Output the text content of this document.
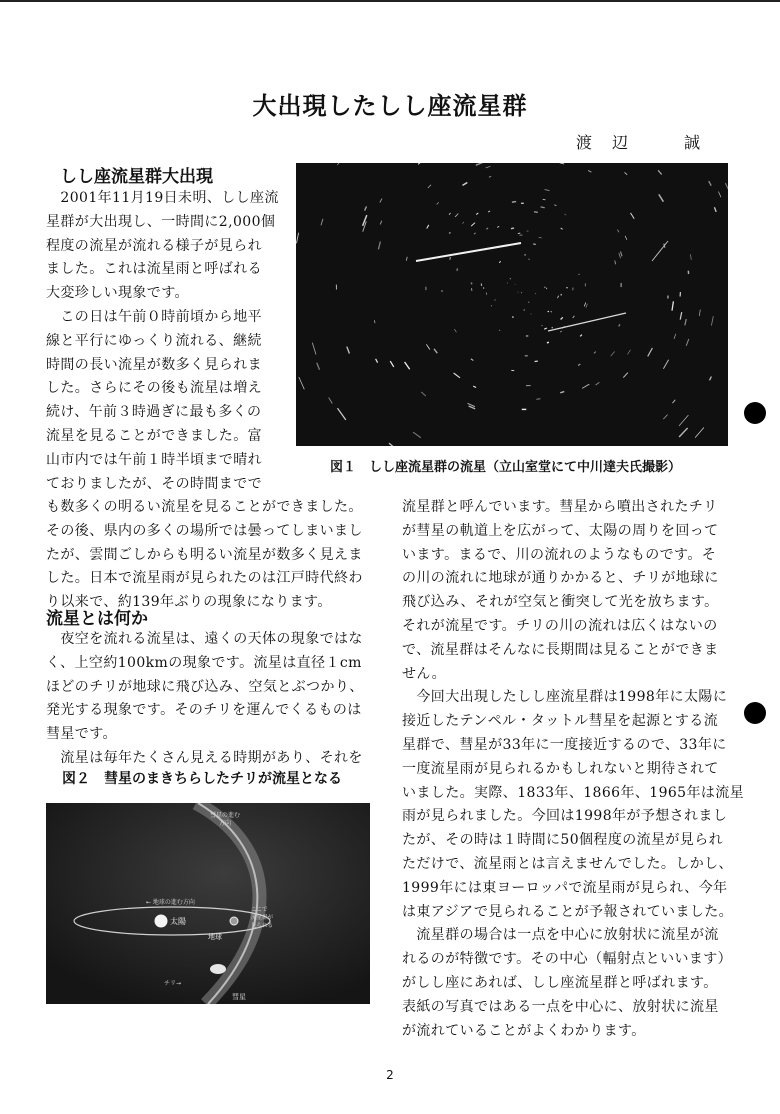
大出現したしし座流星群
渡辺　誠
しし座流星群大出現
　2001年11月19日未明、しし座流
星群が大出現し、一時間に2,000個
程度の流星が流れる様子が見られ
ました。これは流星雨と呼ばれる
大変珍しい現象です。
　この日は午前０時前頃から地平
線と平行にゆっくり流れる、継続
時間の長い流星が数多く見られま
した。さらにその後も流星は増え
続け、午前３時過ぎに最も多くの
流星を見ることができました。富
山市内では午前１時半頃まで晴れ
ておりましたが、その時間までで
も数多くの明るい流星を見ることができました。
その後、県内の多くの場所では曇ってしまいまし
たが、雲間ごしからも明るい流星が数多く見えま
した。日本で流星雨が見られたのは江戸時代終わ
り以来で、約139年ぶりの現象になります。
図１　しし座流星群の流星（立山室堂にて中川達夫氏撮影）
流星とは何か
　夜空を流れる流星は、遠くの天体の現象ではな
く、上空約100kmの現象です。流星は直径１cm
ほどのチリが地球に飛び込み、空気とぶつかり、
発光する現象です。そのチリを運んでくるものは
彗星です。
　流星は毎年たくさん見える時期があり、それを
図２　彗星のまきちらしたチリが流星となる
彗星の進む
方向
← 地球の進む方向
太陽
地球
ここで
流星群が
見られる
チリ→
彗星
流星群と呼んでいます。彗星から噴出されたチリ
が彗星の軌道上を広がって、太陽の周りを回って
います。まるで、川の流れのようなものです。そ
の川の流れに地球が通りかかると、チリが地球に
飛び込み、それが空気と衝突して光を放ちます。
それが流星です。チリの川の流れは広くはないの
で、流星群はそんなに長期間は見ることができま
せん。
　今回大出現したしし座流星群は1998年に太陽に
接近したテンペル・タットル彗星を起源とする流
星群で、彗星が33年に一度接近するので、33年に
一度流星雨が見られるかもしれないと期待されて
いました。実際、1833年、1866年、1965年は流星
雨が見られました。今回は1998年が予想されまし
たが、その時は１時間に50個程度の流星が見られ
ただけで、流星雨とは言えませんでした。しかし、
1999年には東ヨーロッパで流星雨が見られ、今年
は東アジアで見られることが予報されていました。
　流星群の場合は一点を中心に放射状に流星が流
れるのが特徴です。その中心（輻射点といいます）
がしし座にあれば、しし座流星群と呼ばれます。
表紙の写真ではある一点を中心に、放射状に流星
が流れていることがよくわかります。
2
